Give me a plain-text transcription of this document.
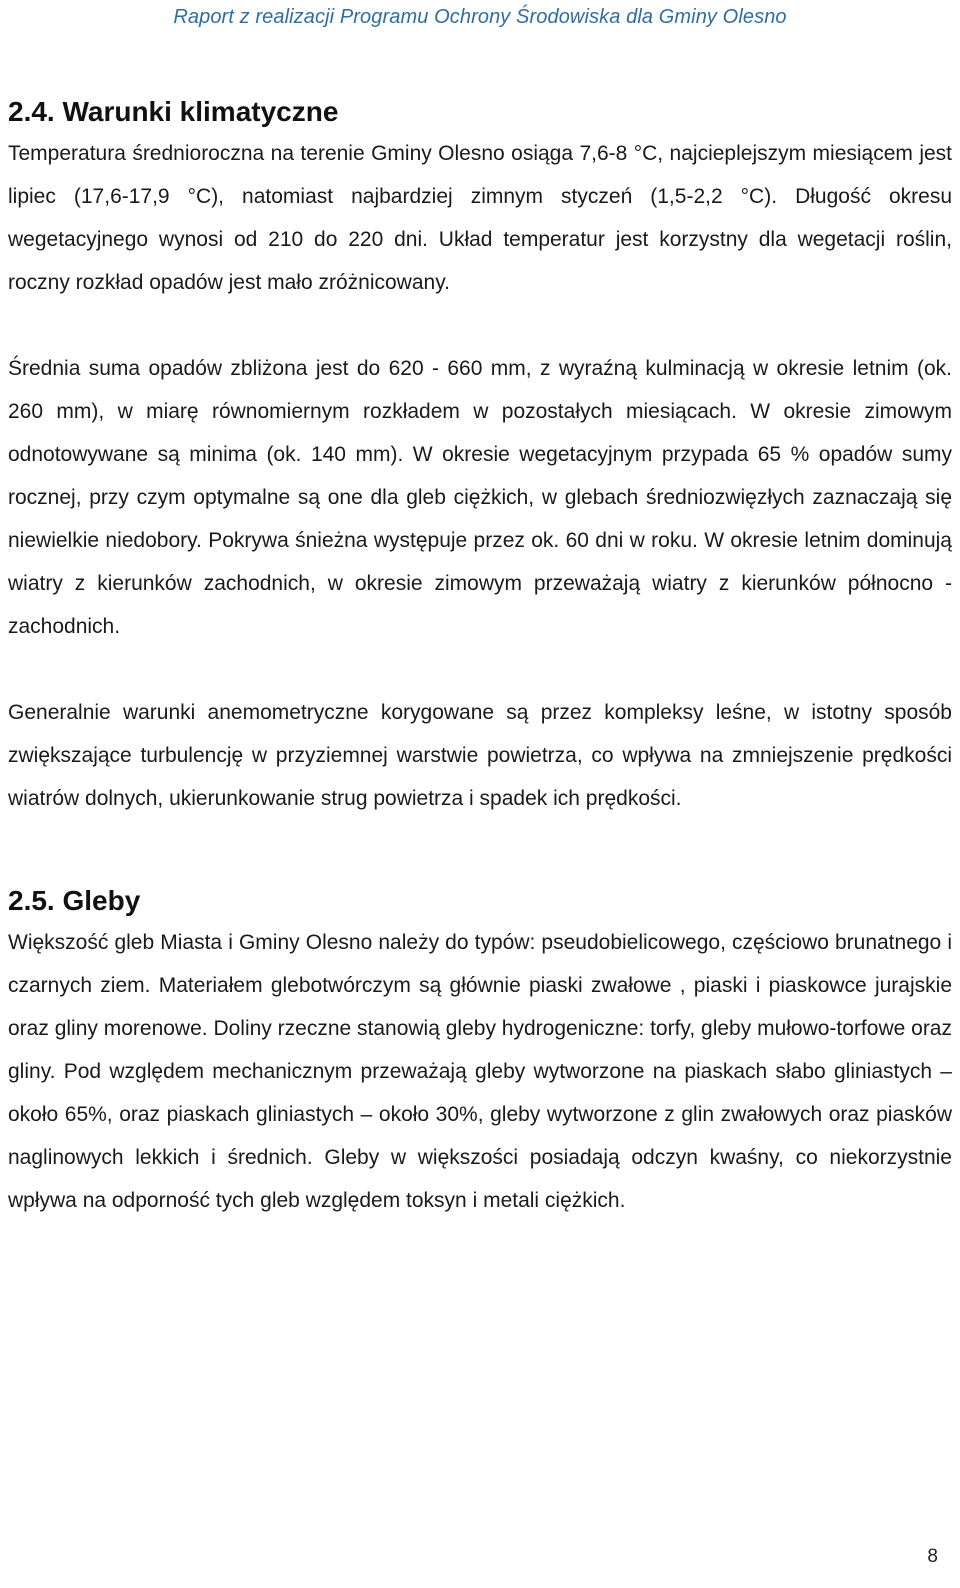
Raport z realizacji Programu Ochrony Środowiska dla Gminy Olesno
2.4. Warunki klimatyczne

Temperatura średnioroczna na terenie Gminy Olesno osiąga 7,6-8 °C, najcieplejszym miesiącem jest lipiec (17,6-17,9 °C), natomiast najbardziej zimnym styczeń (1,5-2,2 °C). Długość okresu wegetacyjnego wynosi od 210 do 220 dni. Układ temperatur jest korzystny dla wegetacji roślin, roczny rozkład opadów jest mało zróżnicowany.

Średnia suma opadów zbliżona jest do 620 - 660 mm, z wyraźną kulminacją w okresie letnim (ok. 260 mm), w miarę równomiernym rozkładem w pozostałych miesiącach. W okresie zimowym odnotowywane są minima (ok. 140 mm). W okresie wegetacyjnym przypada 65 % opadów sumy rocznej, przy czym optymalne są one dla gleb ciężkich, w glebach średniozwięzłych zaznaczają się niewielkie niedobory. Pokrywa śnieżna występuje przez ok. 60 dni w roku. W okresie letnim dominują wiatry z kierunków zachodnich, w okresie zimowym przeważają wiatry z kierunków północno - zachodnich.

Generalnie warunki anemometryczne korygowane są przez kompleksy leśne, w istotny sposób zwiększające turbulencję w przyziemnej warstwie powietrza, co wpływa na zmniejszenie prędkości wiatrów dolnych, ukierunkowanie strug powietrza i spadek ich prędkości.

2.5. Gleby

Większość gleb Miasta i Gminy Olesno należy do typów: pseudobielicowego, częściowo brunatnego i czarnych ziem. Materiałem glebotwórczym są głównie piaski zwałowe , piaski i piaskowce jurajskie oraz gliny morenowe. Doliny rzeczne stanowią gleby hydrogeniczne: torfy, gleby mułowo-torfowe oraz gliny. Pod względem mechanicznym przeważają gleby wytworzone na piaskach słabo gliniastych – około 65%, oraz piaskach gliniastych – około 30%, gleby wytworzone z glin zwałowych oraz piasków naglinowych lekkich i średnich. Gleby w większości posiadają odczyn kwaśny, co niekorzystnie wpływa na odporność tych gleb względem toksyn i metali ciężkich.

8
